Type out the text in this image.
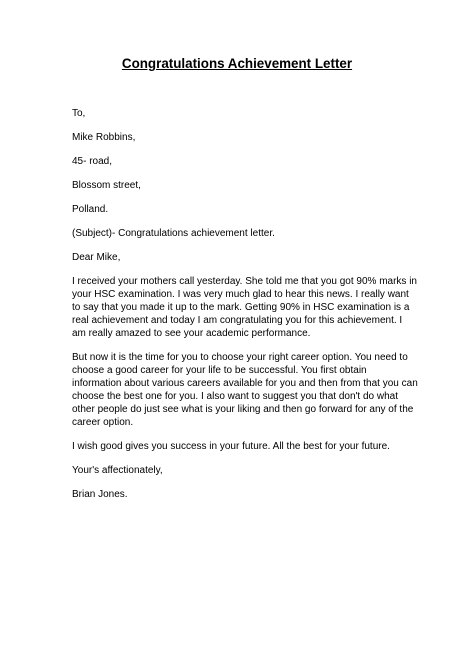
Congratulations Achievement Letter

To,

Mike Robbins,

45- road,

Blossom street,

Polland.

(Subject)- Congratulations achievement letter.

Dear Mike,

I received your mothers call yesterday. She told me that you got 90% marks in
your HSC examination. I was very much glad to hear this news. I really want
to say that you made it up to the mark. Getting 90% in HSC examination is a
real achievement and today I am congratulating you for this achievement. I
am really amazed to see your academic performance.
But now it is the time for you to choose your right career option. You need to
choose a good career for your life to be successful. You first obtain
information about various careers available for you and then from that you can
choose the best one for you. I also want to suggest you that don't do what
other people do just see what is your liking and then go forward for any of the
career option.
I wish good gives you success in your future. All the best for your future.

Your's affectionately,

Brian Jones.
